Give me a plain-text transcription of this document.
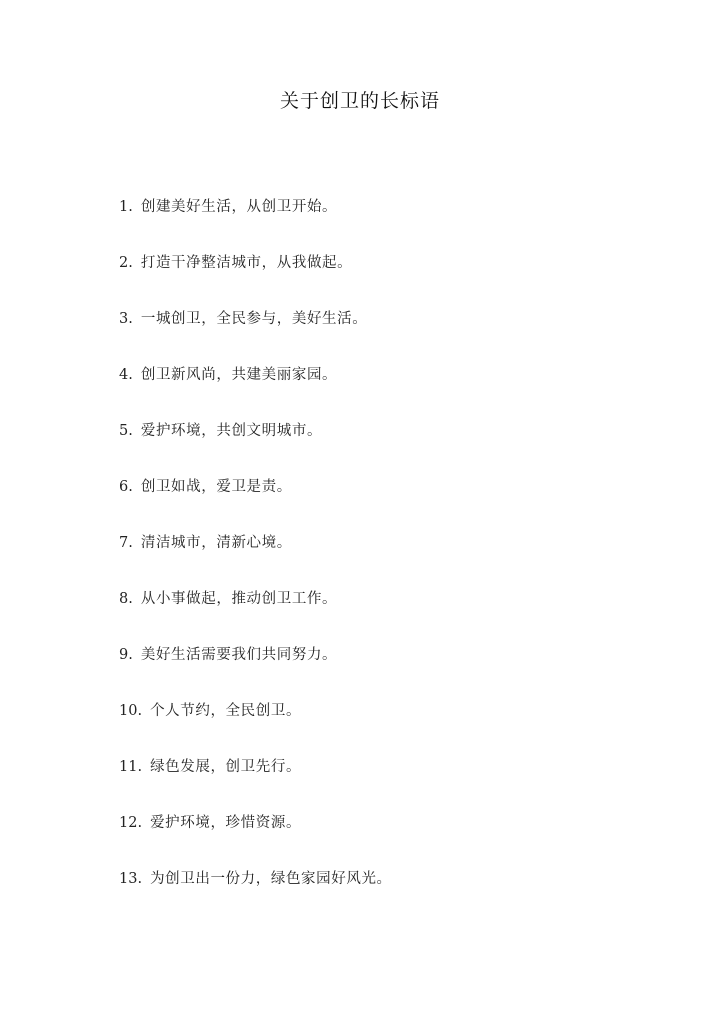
关于创卫的长标语
1. 创建美好生活，从创卫开始。
2. 打造干净整洁城市，从我做起。
3. 一城创卫，全民参与，美好生活。
4. 创卫新风尚，共建美丽家园。
5. 爱护环境，共创文明城市。
6. 创卫如战，爱卫是责。
7. 清洁城市，清新心境。
8. 从小事做起，推动创卫工作。
9. 美好生活需要我们共同努力。
10. 个人节约，全民创卫。
11. 绿色发展，创卫先行。
12. 爱护环境，珍惜资源。
13. 为创卫出一份力，绿色家园好风光。
